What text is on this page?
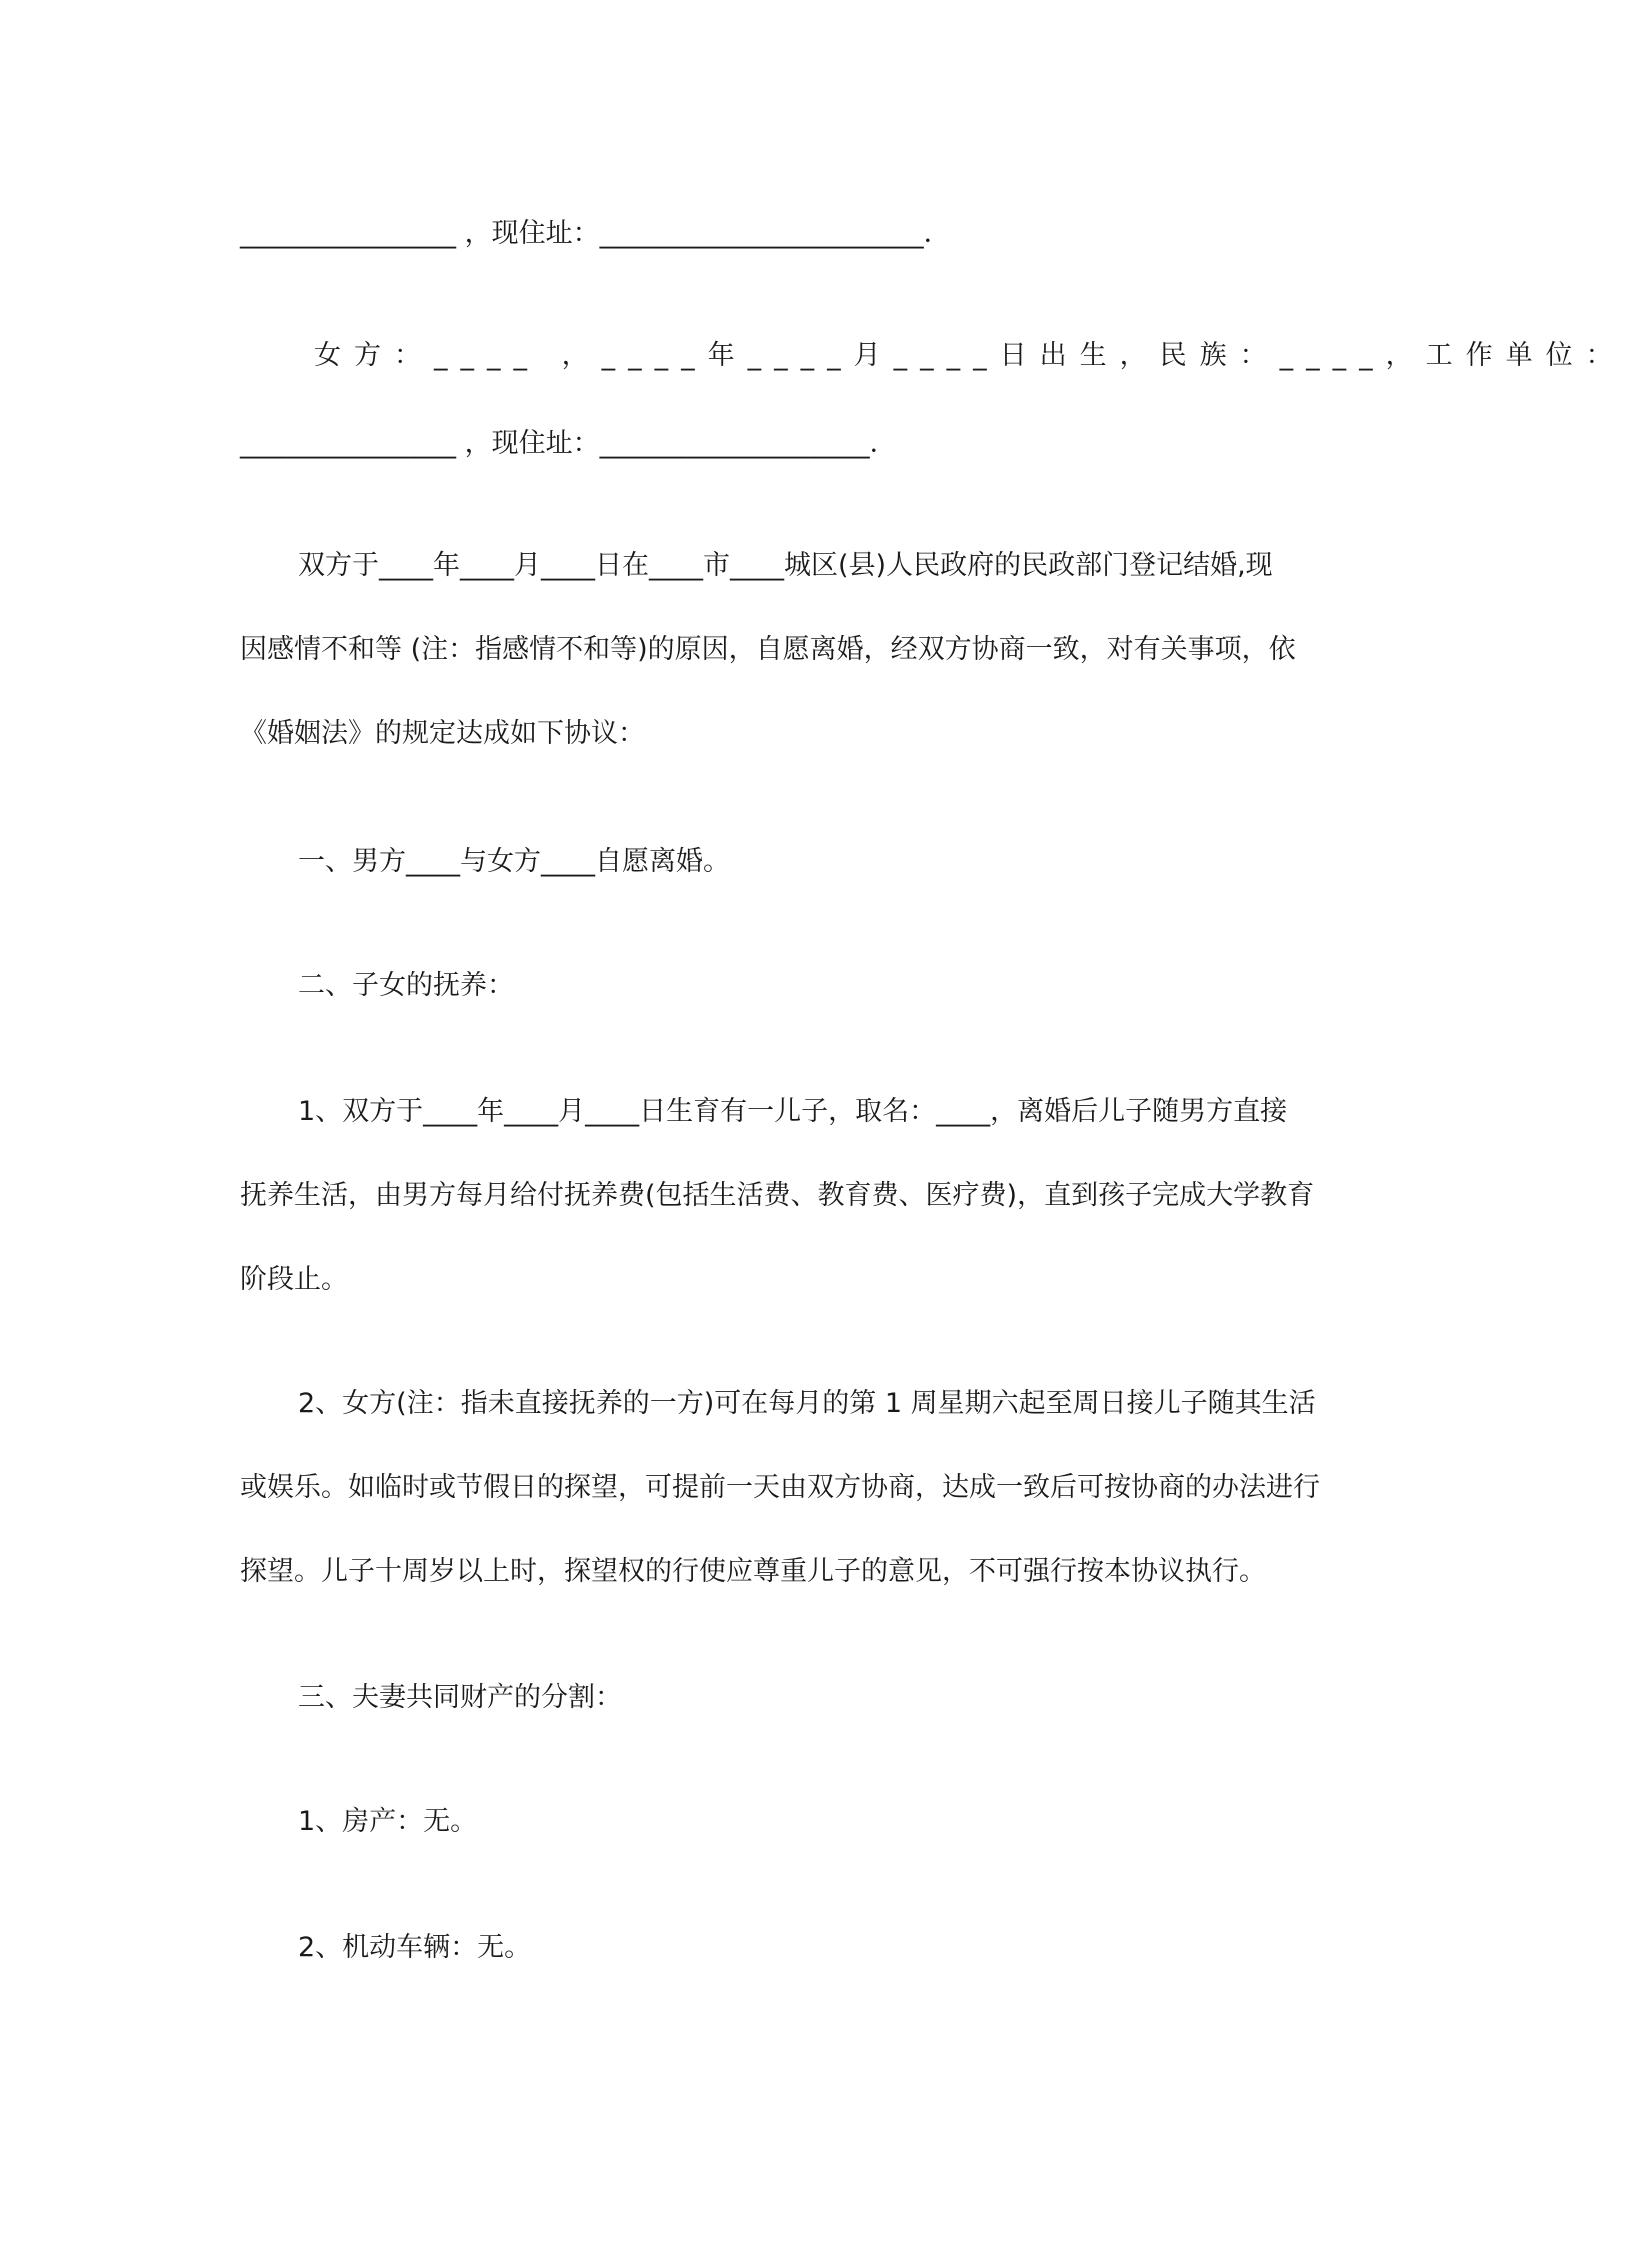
________________ ，现住址：________________________．
女方：____ ，____年____月____日出生，民族：____，工作单位：
________________ ，现住址：____________________．
双方于____年____月____日在____市____城区(县)人民政府的民政部门登记结婚,现
因感情不和等 (注：指感情不和等)的原因，自愿离婚，经双方协商一致，对有关事项，依
《婚姻法》的规定达成如下协议：
一、男方____与女方____自愿离婚。
二、子女的抚养：
1、双方于____年____月____日生育有一儿子，取名：____，离婚后儿子随男方直接
抚养生活，由男方每月给付抚养费(包括生活费、教育费、医疗费)，直到孩子完成大学教育
阶段止。
2、女方(注：指未直接抚养的一方)可在每月的第 1 周星期六起至周日接儿子随其生活
或娱乐。如临时或节假日的探望，可提前一天由双方协商，达成一致后可按协商的办法进行
探望。儿子十周岁以上时，探望权的行使应尊重儿子的意见，不可强行按本协议执行。
三、夫妻共同财产的分割：
1、房产：无。
2、机动车辆：无。
